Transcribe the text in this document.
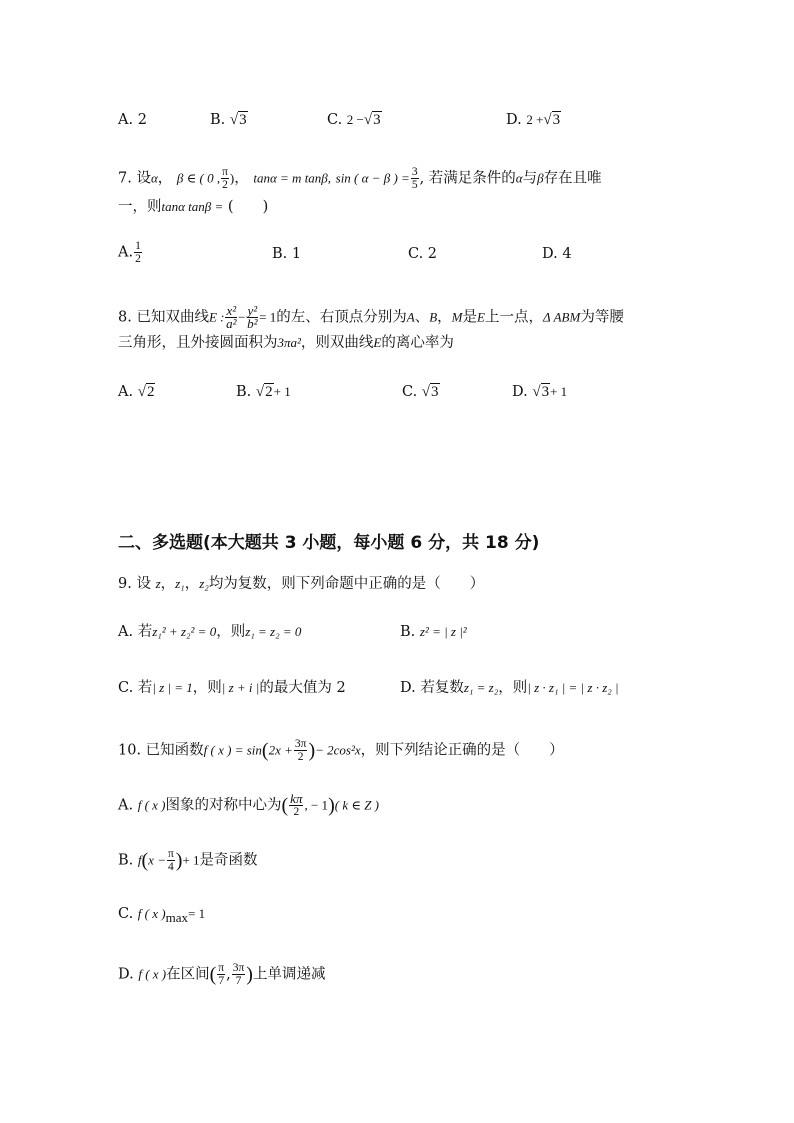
A. 2	B. √3	C. 2 −√3	D. 2 +√3
7. 设α， β ∈ ( 0 , $\frac{\pi}{2}$ )， tanα = m tanβ, sin ( α − β ) = $\frac{3}{5}$ , 若满足条件的α与β存在且唯
一，则tanα tanβ = (　　)
A. $\frac{1}{2}$	B. 1	C. 2	D. 4
8. 已知双曲线E : $\frac{\text{x²}}{\text{a²}} - \frac{\text{y²}}{\text{b²}} = 1$的左、右顶点分别为A、B，M是E上一点，Δ ABM为等腰
三角形，且外接圆面积为3πa²，则双曲线E的离心率为
A. √2	B. √2+ 1	C. √3	D. √3+ 1
二、多选题(本大题共 3 小题，每小题 6 分，共 18 分)
9. 设 z，z₁，z₂均为复数，则下列命题中正确的是（　　）
A. 若z₁² + z₂² = 0，则z₁ = z₂ = 0	B. z² = | z |²
C. 若| z | = 1，则| z + i |的最大值为 2	D. 若复数z₁ = z₂，则| z · z₁ | = | z · z₂ |
10. 已知函数f ( x ) = $\sin(2x + \frac{3\pi}{2}$ )− 2cos²x，则下列结论正确的是（　　）
A. f ( x )图象的对称中心为( $\frac{k\pi}{2}$ , − 1)( k ∈ Z )
B. $f(x - \frac{\pi}{4}$ )+ 1是奇函数
C. f ( x )$_{max}= 1$
D. f ( x )在区间( $\frac{\pi}{7}$ , $\frac{3\pi}{7}$ )上单调递减
